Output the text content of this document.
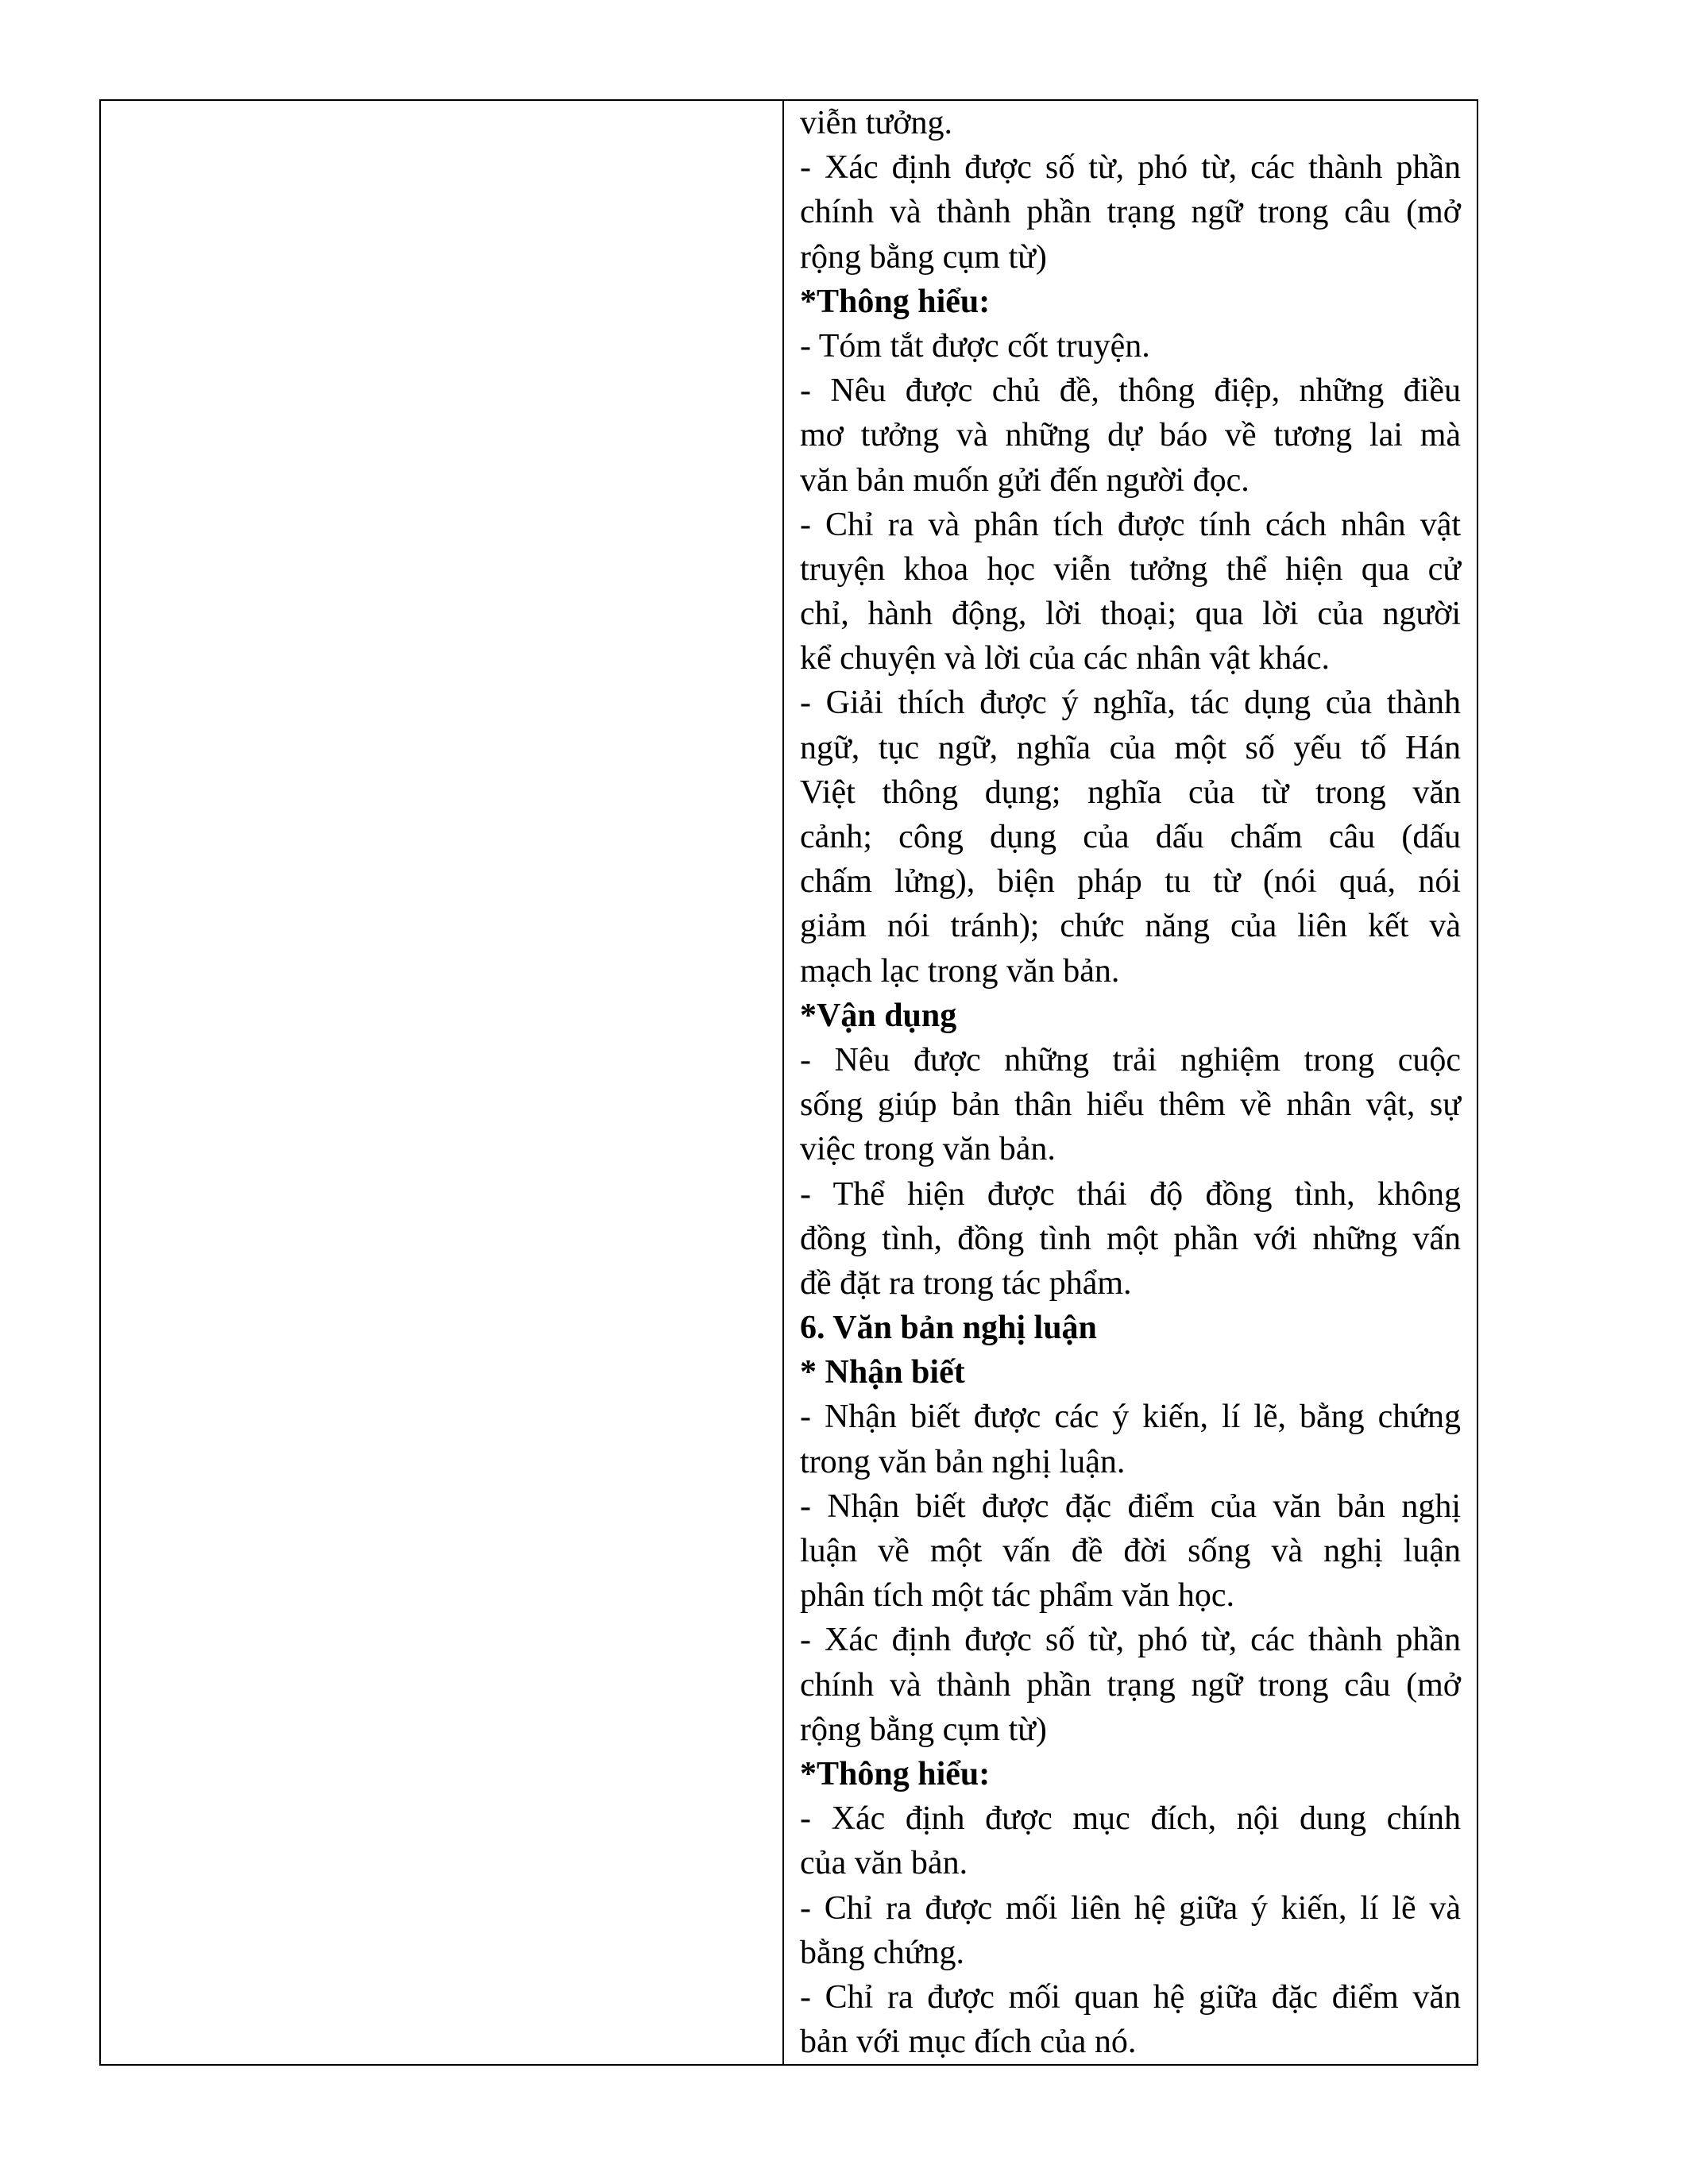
viễn tưởng.
- Xác định được số từ, phó từ, các thành phần
chính và thành phần trạng ngữ trong câu (mở
rộng bằng cụm từ)
*Thông hiểu:
- Tóm tắt được cốt truyện.
- Nêu được chủ đề, thông điệp, những điều
mơ tưởng và những dự báo về tương lai mà
văn bản muốn gửi đến người đọc.
- Chỉ ra và phân tích được tính cách nhân vật
truyện khoa học viễn tưởng thể hiện qua cử
chỉ, hành động, lời thoại; qua lời của người
kể chuyện và lời của các nhân vật khác.
- Giải thích được ý nghĩa, tác dụng của thành
ngữ, tục ngữ, nghĩa của một số yếu tố Hán
Việt thông dụng; nghĩa của từ trong văn
cảnh; công dụng của dấu chấm câu (dấu
chấm lửng), biện pháp tu từ (nói quá, nói
giảm nói tránh); chức năng của liên kết và
mạch lạc trong văn bản.
*Vận dụng
- Nêu được những trải nghiệm trong cuộc
sống giúp bản thân hiểu thêm về nhân vật, sự
việc trong văn bản.
- Thể hiện được thái độ đồng tình, không
đồng tình, đồng tình một phần với những vấn
đề đặt ra trong tác phẩm.
6. Văn bản nghị luận
* Nhận biết
- Nhận biết được các ý kiến, lí lẽ, bằng chứng
trong văn bản nghị luận.
- Nhận biết được đặc điểm của văn bản nghị
luận về một vấn đề đời sống và nghị luận
phân tích một tác phẩm văn học.
- Xác định được số từ, phó từ, các thành phần
chính và thành phần trạng ngữ trong câu (mở
rộng bằng cụm từ)
*Thông hiểu:
- Xác định được mục đích, nội dung chính
của văn bản.
- Chỉ ra được mối liên hệ giữa ý kiến, lí lẽ và
bằng chứng.
- Chỉ ra được mối quan hệ giữa đặc điểm văn
bản với mục đích của nó.
